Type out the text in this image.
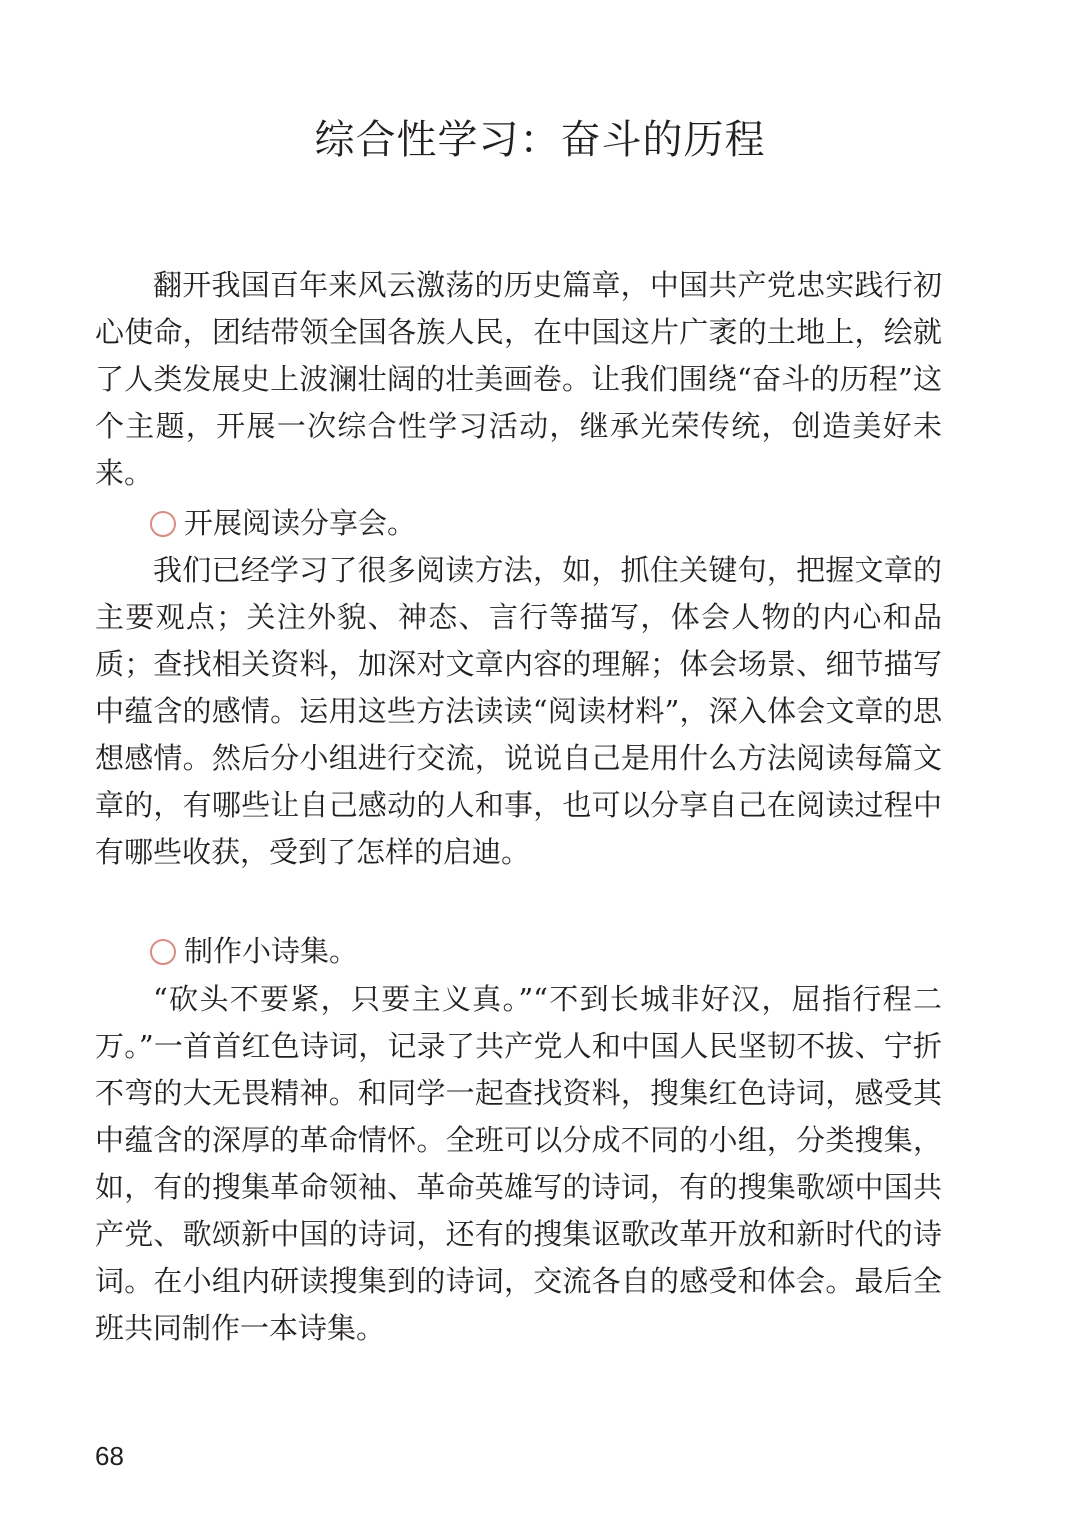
综合性学习：奋斗的历程

翻开我国百年来风云激荡的历史篇章，中国共产党忠实践行初心使命，团结带领全国各族人民，在中国这片广袤的土地上，绘就了人类发展史上波澜壮阔的壮美画卷。让我们围绕“奋斗的历程”这个主题，开展一次综合性学习活动，继承光荣传统，创造美好未来。

开展阅读分享会。

我们已经学习了很多阅读方法，如，抓住关键句，把握文章的主要观点；关注外貌、神态、言行等描写，体会人物的内心和品质；查找相关资料，加深对文章内容的理解；体会场景、细节描写中蕴含的感情。运用这些方法读读“阅读材料”，深入体会文章的思想感情。然后分小组进行交流，说说自己是用什么方法阅读每篇文章的，有哪些让自己感动的人和事，也可以分享自己在阅读过程中有哪些收获，受到了怎样的启迪。

制作小诗集。

“砍头不要紧，只要主义真。”“不到长城非好汉，屈指行程二万。”一首首红色诗词，记录了共产党人和中国人民坚韧不拔、宁折不弯的大无畏精神。和同学一起查找资料，搜集红色诗词，感受其中蕴含的深厚的革命情怀。全班可以分成不同的小组，分类搜集，如，有的搜集革命领袖、革命英雄写的诗词，有的搜集歌颂中国共产党、歌颂新中国的诗词，还有的搜集讴歌改革开放和新时代的诗词。在小组内研读搜集到的诗词，交流各自的感受和体会。最后全班共同制作一本诗集。

68
